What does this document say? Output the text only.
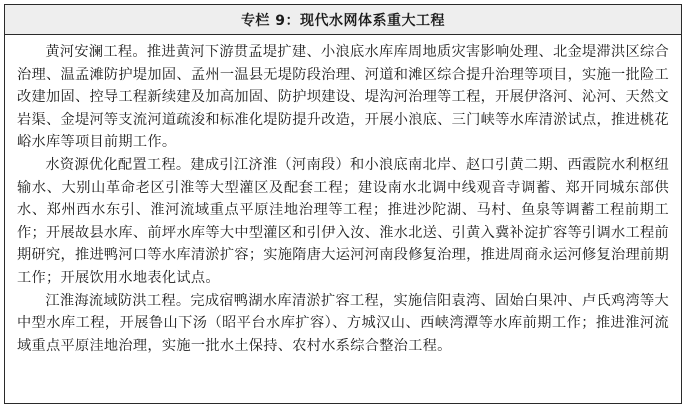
专栏 9：现代水网体系重大工程

黄河安澜工程。推进黄河下游贯孟堤扩建、小浪底水库库周地质灾害影响处理、北金堤滞洪区综合治理、温孟滩防护堤加固、孟州一温县无堤防段治理、河道和滩区综合提升治理等项目，实施一批险工改建加固、控导工程新续建及加高加固、防护坝建设、堤沟河治理等工程，开展伊洛河、沁河、天然文岩渠、金堤河等支流河道疏浚和标准化堤防提升改造，开展小浪底、三门峡等水库清淤试点，推进桃花峪水库等项目前期工作。

水资源优化配置工程。建成引江济淮（河南段）和小浪底南北岸、赵口引黄二期、西霞院水利枢纽输水、大别山革命老区引淮等大型灌区及配套工程；建设南水北调中线观音寺调蓄、郑开同城东部供水、郑州西水东引、淮河流域重点平原洼地治理等工程；推进沙陀湖、马村、鱼泉等调蓄工程前期工作；开展故县水库、前坪水库等大中型灌区和引伊入汝、淮水北送、引黄入冀补淀扩容等引调水工程前期研究，推进鸭河口等水库清淤扩容；实施隋唐大运河河南段修复治理，推进周商永运河修复治理前期工作；开展饮用水地表化试点。

江淮海流域防洪工程。完成宿鸭湖水库清淤扩容工程，实施信阳袁湾、固始白果冲、卢氏鸡湾等大中型水库工程，开展鲁山下汤（昭平台水库扩容）、方城汉山、西峡湾潭等水库前期工作；推进淮河流域重点平原洼地治理，实施一批水土保持、农村水系综合整治工程。
